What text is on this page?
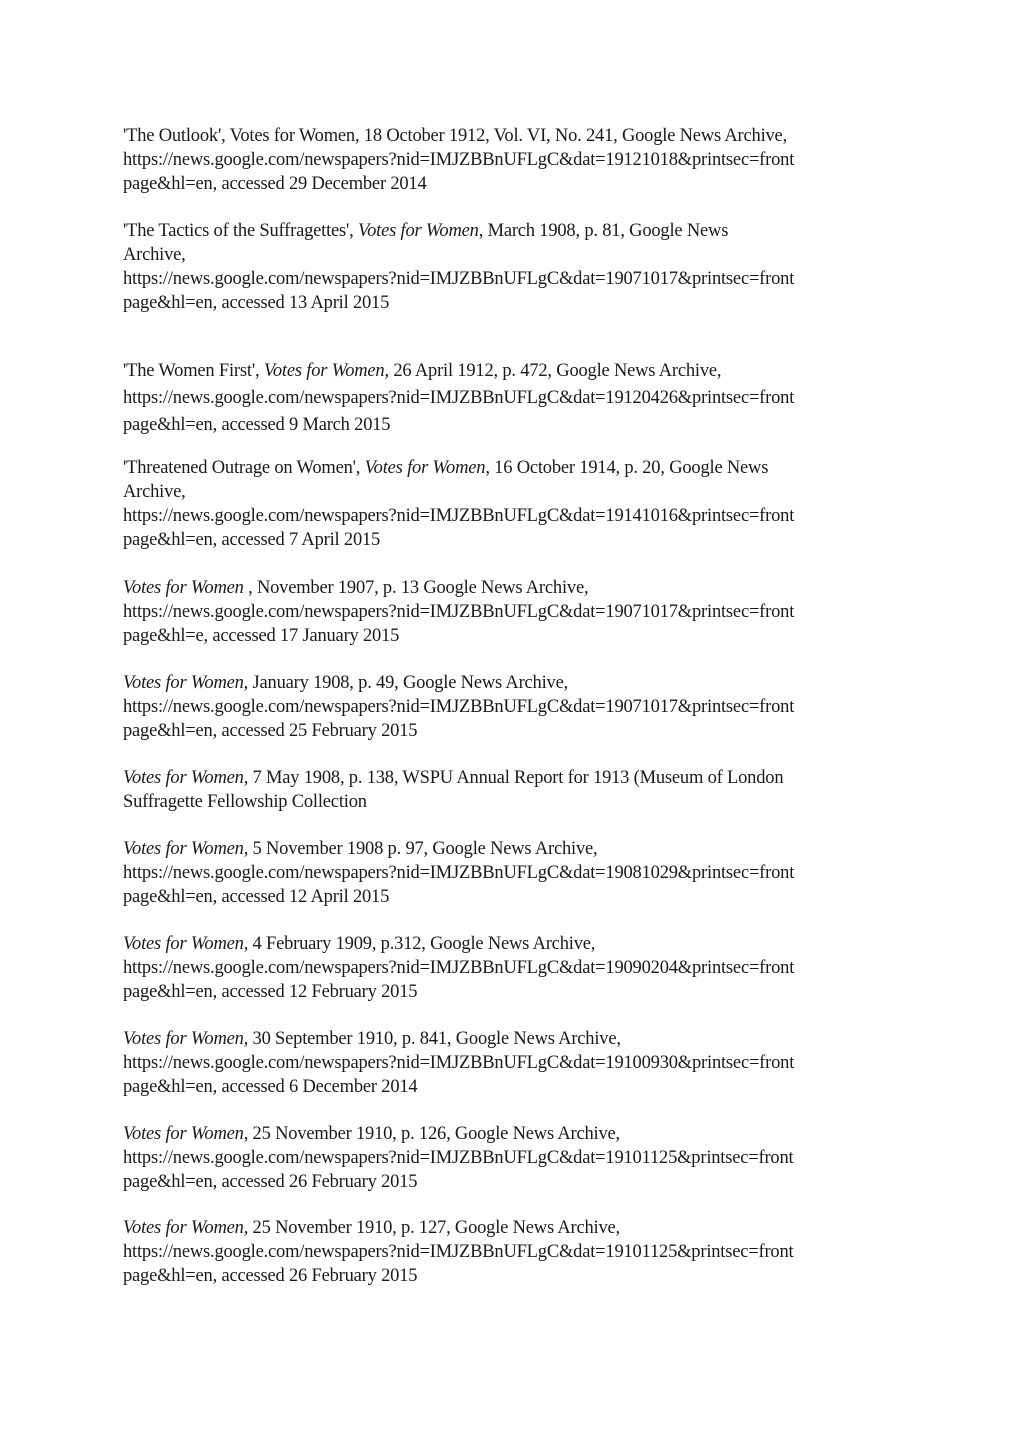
'The Outlook', Votes for Women, 18 October 1912, Vol. VI, No. 241, Google News Archive,
https://news.google.com/newspapers?nid=IMJZBBnUFLgC&dat=19121018&printsec=front
page&hl=en, accessed 29 December 2014

'The Tactics of the Suffragettes', Votes for Women, March 1908, p. 81, Google News
Archive,
https://news.google.com/newspapers?nid=IMJZBBnUFLgC&dat=19071017&printsec=front
page&hl=en, accessed 13 April 2015

'The Women First', Votes for Women, 26 April 1912, p. 472, Google News Archive,
https://news.google.com/newspapers?nid=IMJZBBnUFLgC&dat=19120426&printsec=front
page&hl=en, accessed 9 March 2015

'Threatened Outrage on Women', Votes for Women, 16 October 1914, p. 20, Google News
Archive,
https://news.google.com/newspapers?nid=IMJZBBnUFLgC&dat=19141016&printsec=front
page&hl=en, accessed 7 April 2015

Votes for Women , November 1907, p. 13 Google News Archive,
https://news.google.com/newspapers?nid=IMJZBBnUFLgC&dat=19071017&printsec=front
page&hl=e, accessed 17 January 2015

Votes for Women, January 1908, p. 49, Google News Archive,
https://news.google.com/newspapers?nid=IMJZBBnUFLgC&dat=19071017&printsec=front
page&hl=en, accessed 25 February 2015

Votes for Women, 7 May 1908, p. 138, WSPU Annual Report for 1913 (Museum of London
Suffragette Fellowship Collection

Votes for Women, 5 November 1908 p. 97, Google News Archive,
https://news.google.com/newspapers?nid=IMJZBBnUFLgC&dat=19081029&printsec=front
page&hl=en, accessed 12 April 2015

Votes for Women, 4 February 1909, p.312, Google News Archive,
https://news.google.com/newspapers?nid=IMJZBBnUFLgC&dat=19090204&printsec=front
page&hl=en, accessed 12 February 2015

Votes for Women, 30 September 1910, p. 841, Google News Archive,
https://news.google.com/newspapers?nid=IMJZBBnUFLgC&dat=19100930&printsec=front
page&hl=en, accessed 6 December 2014

Votes for Women, 25 November 1910, p. 126, Google News Archive,
https://news.google.com/newspapers?nid=IMJZBBnUFLgC&dat=19101125&printsec=front
page&hl=en, accessed 26 February 2015

Votes for Women, 25 November 1910, p. 127, Google News Archive,
https://news.google.com/newspapers?nid=IMJZBBnUFLgC&dat=19101125&printsec=front
page&hl=en, accessed 26 February 2015
